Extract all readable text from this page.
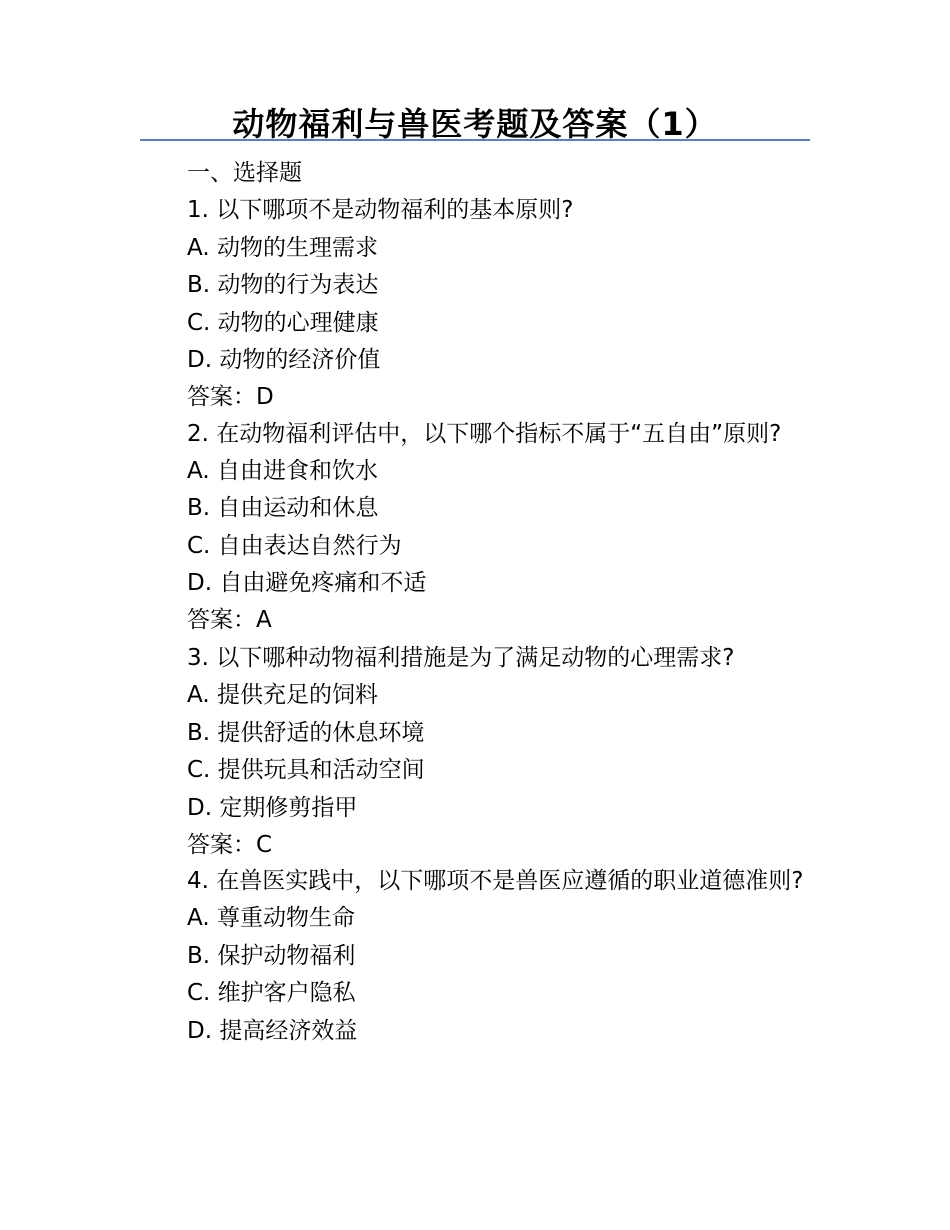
动物福利与兽医考题及答案（1）
一、选择题
1. 以下哪项不是动物福利的基本原则?
A. 动物的生理需求
B. 动物的行为表达
C. 动物的心理健康
D. 动物的经济价值
答案：D
2. 在动物福利评估中，以下哪个指标不属于“五自由”原则?
A. 自由进食和饮水
B. 自由运动和休息
C. 自由表达自然行为
D. 自由避免疼痛和不适
答案：A
3. 以下哪种动物福利措施是为了满足动物的心理需求?
A. 提供充足的饲料
B. 提供舒适的休息环境
C. 提供玩具和活动空间
D. 定期修剪指甲
答案：C
4. 在兽医实践中，以下哪项不是兽医应遵循的职业道德准则?
A. 尊重动物生命
B. 保护动物福利
C. 维护客户隐私
D. 提高经济效益
